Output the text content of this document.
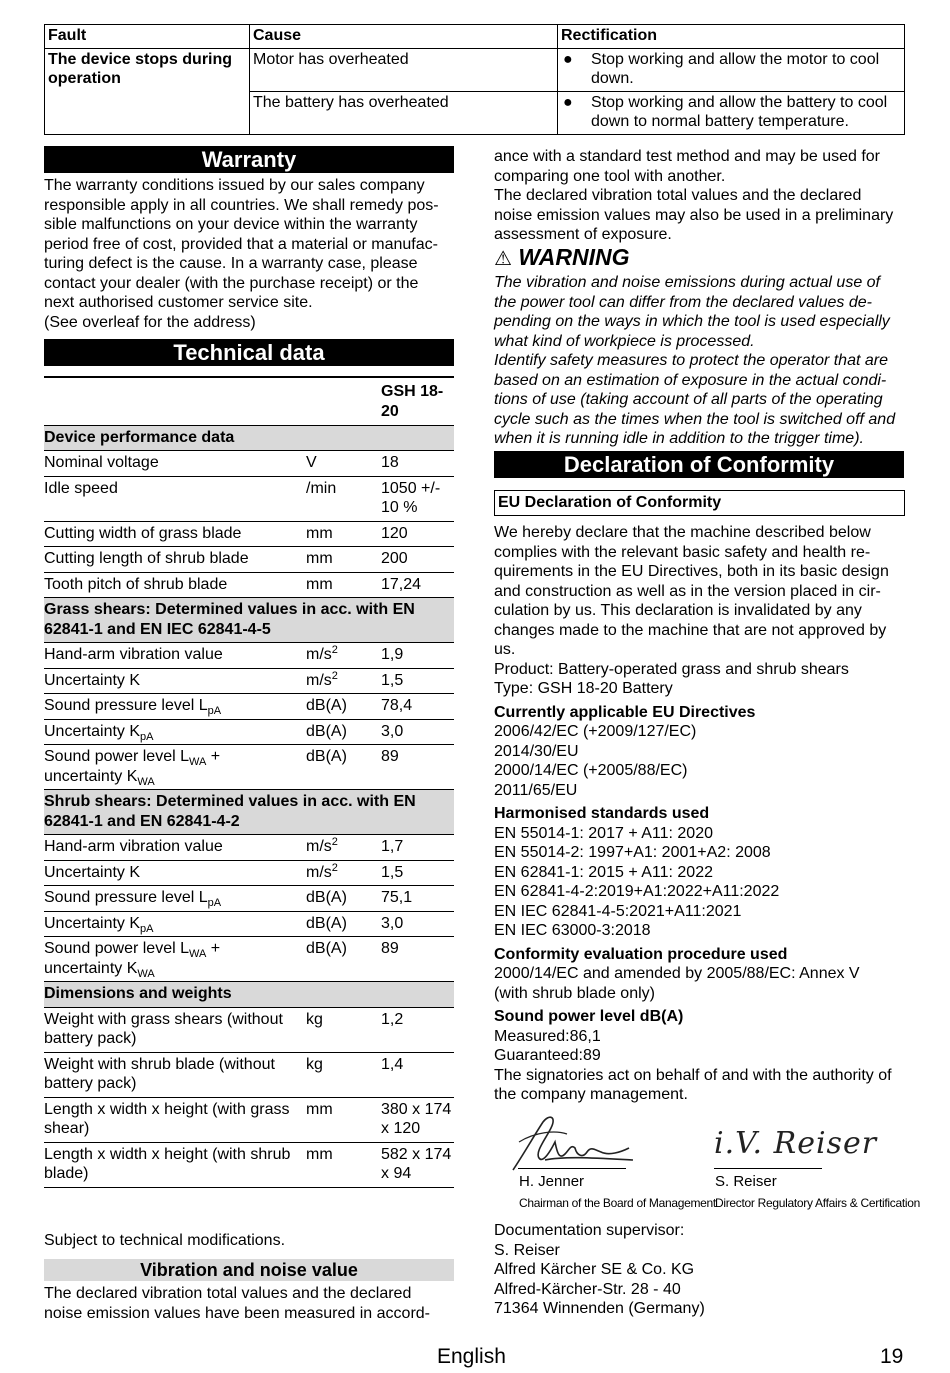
Fault	Cause	Rectification
The device stops during operation	Motor has overheated	● Stop working and allow the motor to cool down.

	The battery has overheated	● Stop working and allow the battery to cool down to normal battery temperature.
Warranty

The warranty conditions issued by our sales company

responsible apply in all countries. We shall remedy pos-

sible malfunctions on your device within the warranty

period free of cost, provided that a material or manufac-

turing defect is the cause. In a warranty case, please

contact your dealer (with the purchase receipt) or the

next authorised customer service site.

(See overleaf for the address)

Technical data
		GSH 18-20
Device performance data		
Nominal voltage	V	18
Idle speed	/min	1050 +/- 10 %
Cutting width of grass blade	mm	120
Cutting length of shrub blade	mm	200
Tooth pitch of shrub blade	mm	17,24
Grass shears: Determined values in acc. with EN 62841-1 and EN IEC 62841-4-5		
Hand-arm vibration value	$m/s^2$	1,9
Uncertainty K	$m/s^2$	1,5
Sound pressure level $L_{pA}$	dB(A)	78,4
Uncertainty $K_{pA}$	dB(A)	3,0
Sound power level $L_{WA}$ + uncertainty $K_{WA}$	dB(A)	89
Shrub shears: Determined values in acc. with EN 62841-1 and EN 62841-4-2		
Hand-arm vibration value	$m/s^2$	1,7
Uncertainty K	$m/s^2$	1,5
Sound pressure level $L_{pA}$	dB(A)	75,1
Uncertainty $K_{pA}$	dB(A)	3,0
Sound power level $L_{WA}$ + uncertainty $K_{WA}$	dB(A)	89
Dimensions and weights		
Weight with grass shears (without battery pack)	kg	1,2
Weight with shrub blade (without battery pack)	kg	1,4
Length x width x height (with grass shear)	mm	380 x 174 x 120
Length x width x height (with shrub blade)	mm	582 x 174 x 94
Subject to technical modifications.
Vibration and noise value

The declared vibration total values and the declared

noise emission values have been measured in accord-

ance with a standard test method and may be used for

comparing one tool with another.

The declared vibration total values and the declared

noise emission values may also be used in a preliminary

assessment of exposure.

⚠ WARNING

The vibration and noise emissions during actual use of

the power tool can differ from the declared values de-

pending on the ways in which the tool is used especially

what kind of workpiece is processed.

Identify safety measures to protect the operator that are

based on an estimation of exposure in the actual condi-

tions of use (taking account of all parts of the operating

cycle such as the times when the tool is switched off and

when it is running idle in addition to the trigger time).

Declaration of Conformity
EU Declaration of Conformity

We hereby declare that the machine described below

complies with the relevant basic safety and health re-

quirements in the EU Directives, both in its basic design

and construction as well as in the version placed in cir-

culation by us. This declaration is invalidated by any

changes made to the machine that are not approved by

us.

Product: Battery-operated grass and shrub shears

Type: GSH 18-20 Battery

Currently applicable EU Directives

2006/42/EC (+2009/127/EC)

2014/30/EU

2000/14/EC (+2005/88/EC)

2011/65/EU

Harmonised standards used

EN 55014-1: 2017 + A11: 2020

EN 55014-2: 1997+A1: 2001+A2: 2008

EN 62841-1: 2015 + A11: 2022

EN 62841-4-2:2019+A1:2022+A11:2022

EN IEC 62841-4-5:2021+A11:2021

EN IEC 63000-3:2018

Conformity evaluation procedure used

2000/14/EC and amended by 2005/88/EC: Annex V

(with shrub blade only)

Sound power level dB(A)

Measured:86,1

Guaranteed:89

The signatories act on behalf of and with the authority of

the company management.

H. Jenner
Chairman of the Board of Management
i.V. Reiser
S. Reiser
Director Regulatory Affairs & Certification

Documentation supervisor:

S. Reiser

Alfred Kärcher SE & Co. KG

Alfred-Kärcher-Str. 28 - 40

71364 Winnenden (Germany)

English	19
